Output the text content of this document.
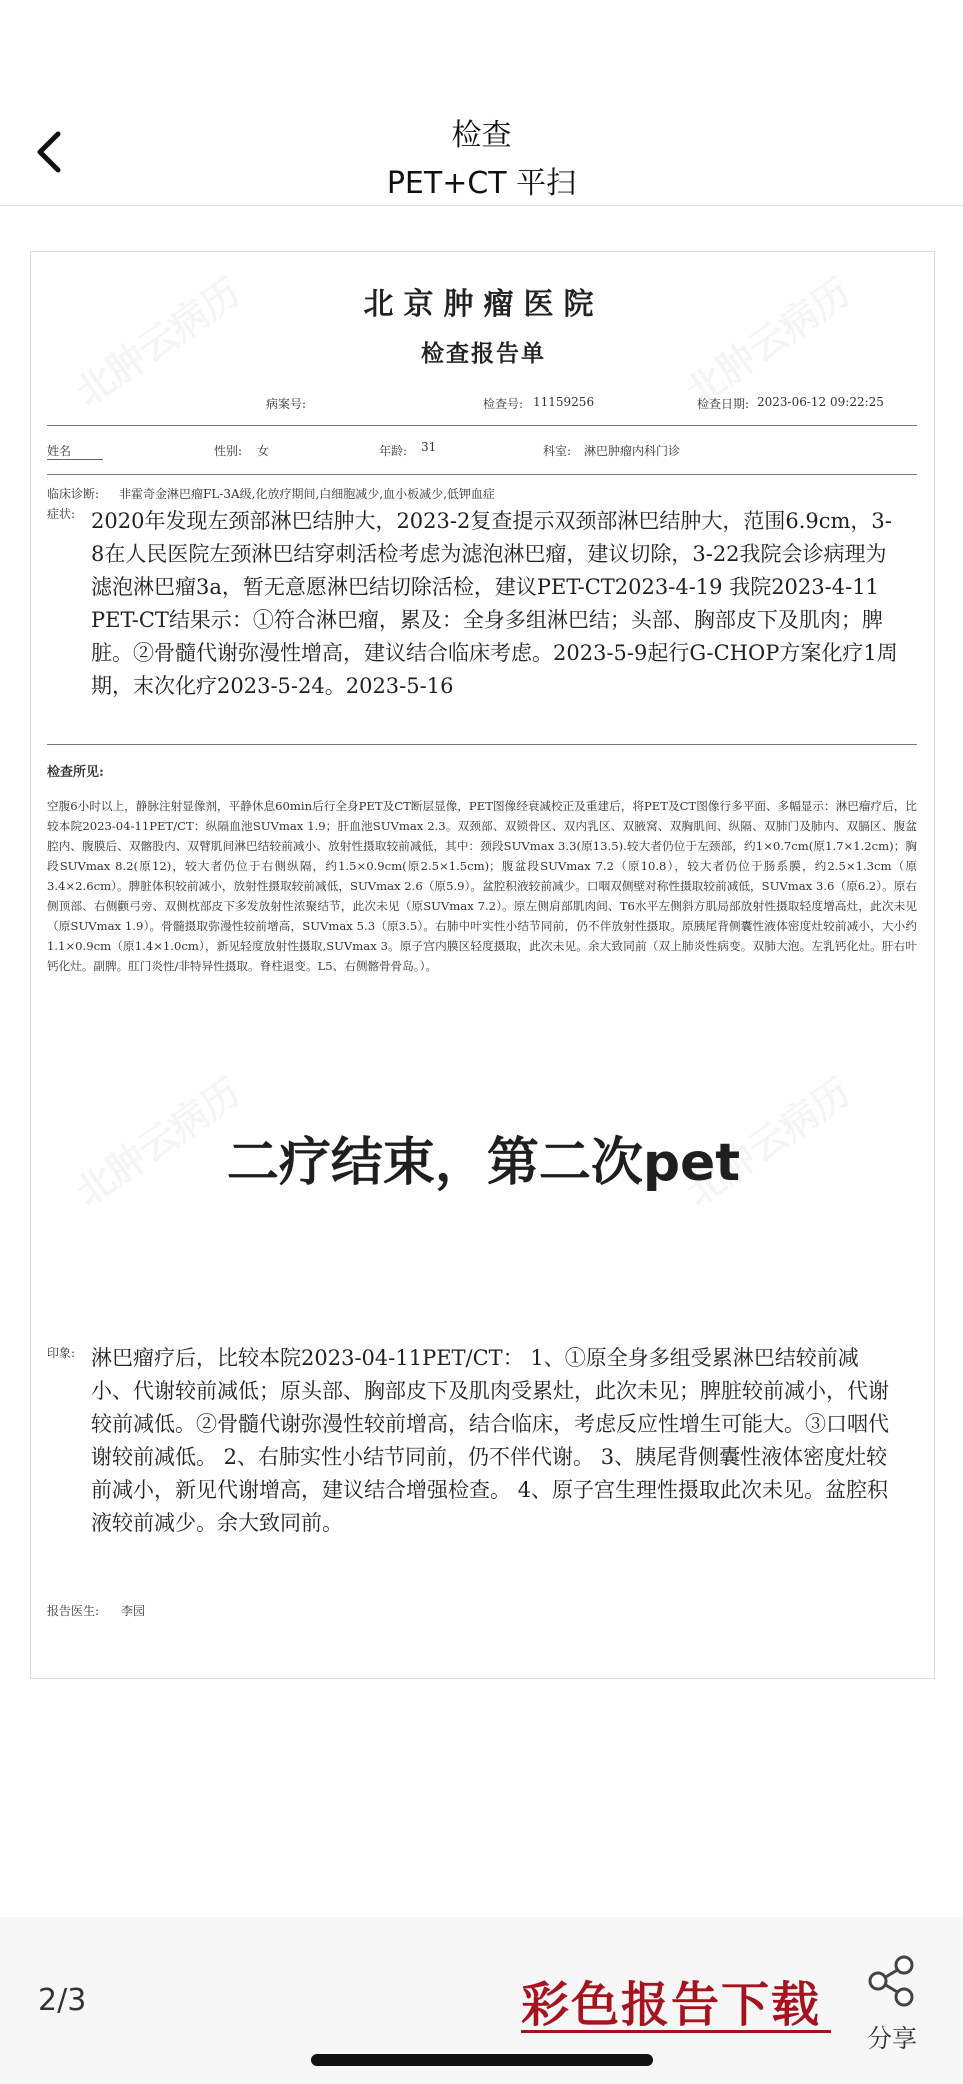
检查
PET+CT 平扫
北京肿瘤医院
检查报告单
病案号:	检查号: 11159256	检查日期: 2023-06-12 09:22:25
姓名	性别: 女	年龄: 31	科室: 淋巴肿瘤内科门诊
临床诊断: 非霍奇金淋巴瘤FL-3A级,化放疗期间,白细胞减少,血小板减少,低钾血症
症状: 2020年发现左颈部淋巴结肿大，2023-2复查提示双颈部淋巴结肿大，范围6.9cm，3-8在人民医院左颈淋巴结穿刺活检考虑为滤泡淋巴瘤，建议切除，3-22我院会诊病理为滤泡淋巴瘤3a，暂无意愿淋巴结切除活检，建议PET-CT2023-4-19 我院2023-4-11 PET-CT结果示：①符合淋巴瘤，累及：全身多组淋巴结；头部、胸部皮下及肌肉；脾脏。②骨髓代谢弥漫性增高，建议结合临床考虑。2023-5-9起行G-CHOP方案化疗1周期，末次化疗2023-5-24。2023-5-16
检查所见:
空腹6小时以上，静脉注射显像剂，平静休息60min后行全身PET及CT断层显像，PET图像经衰减校正及重建后，将PET及CT图像行多平面、多幅显示：淋巴瘤疗后，比较本院2023-04-11PET/CT：纵隔血池SUVmax 1.9；肝血池SUVmax 2.3。双颈部、双锁骨区、双内乳区、双腋窝、双胸肌间、纵隔、双肺门及肺内、双膈区、腹盆腔内、腹膜后、双髂股内、双臂肌间淋巴结较前减小、放射性摄取较前减低，其中：颈段SUVmax 3.3(原13.5).较大者仍位于左颈部，约1×0.7cm(原1.7×1.2cm)；胸段SUVmax 8.2(原12)，较大者仍位于右侧纵隔，约1.5×0.9cm(原2.5×1.5cm)；腹盆段SUVmax 7.2（原10.8），较大者仍位于肠系膜，约2.5×1.3cm（原3.4×2.6cm）。脾脏体积较前减小，放射性摄取较前减低，SUVmax 2.6（原5.9）。盆腔积液较前减少。口咽双侧壁对称性摄取较前减低，SUVmax 3.6（原6.2）。原右侧顶部、右侧颧弓旁、双侧枕部皮下多发放射性浓聚结节，此次未见（原SUVmax 7.2）。原左侧肩部肌肉间、T6水平左侧斜方肌局部放射性摄取轻度增高灶，此次未见（原SUVmax 1.9）。骨髓摄取弥漫性较前增高，SUVmax 5.3（原3.5）。右肺中叶实性小结节同前，仍不伴放射性摄取。原胰尾背侧囊性液体密度灶较前减小，大小约1.1×0.9cm（原1.4×1.0cm），新见轻度放射性摄取,SUVmax 3。原子宫内膜区轻度摄取，此次未见。余大致同前（双上肺炎性病变。双肺大泡。左乳钙化灶。肝右叶钙化灶。副脾。肛门炎性/非特异性摄取。脊柱退变。L5、右侧髂骨骨岛。）。
二疗结束，第二次pet
印象: 淋巴瘤疗后，比较本院2023-04-11PET/CT： 1、①原全身多组受累淋巴结较前减小、代谢较前减低；原头部、胸部皮下及肌肉受累灶，此次未见；脾脏较前减小，代谢较前减低。②骨髓代谢弥漫性较前增高，结合临床，考虑反应性增生可能大。③口咽代谢较前减低。 2、右肺实性小结节同前，仍不伴代谢。 3、胰尾背侧囊性液体密度灶较前减小，新见代谢增高，建议结合增强检查。 4、原子宫生理性摄取此次未见。盆腔积液较前减少。余大致同前。
报告医生: 李园
2/3	彩色报告下载
分享
